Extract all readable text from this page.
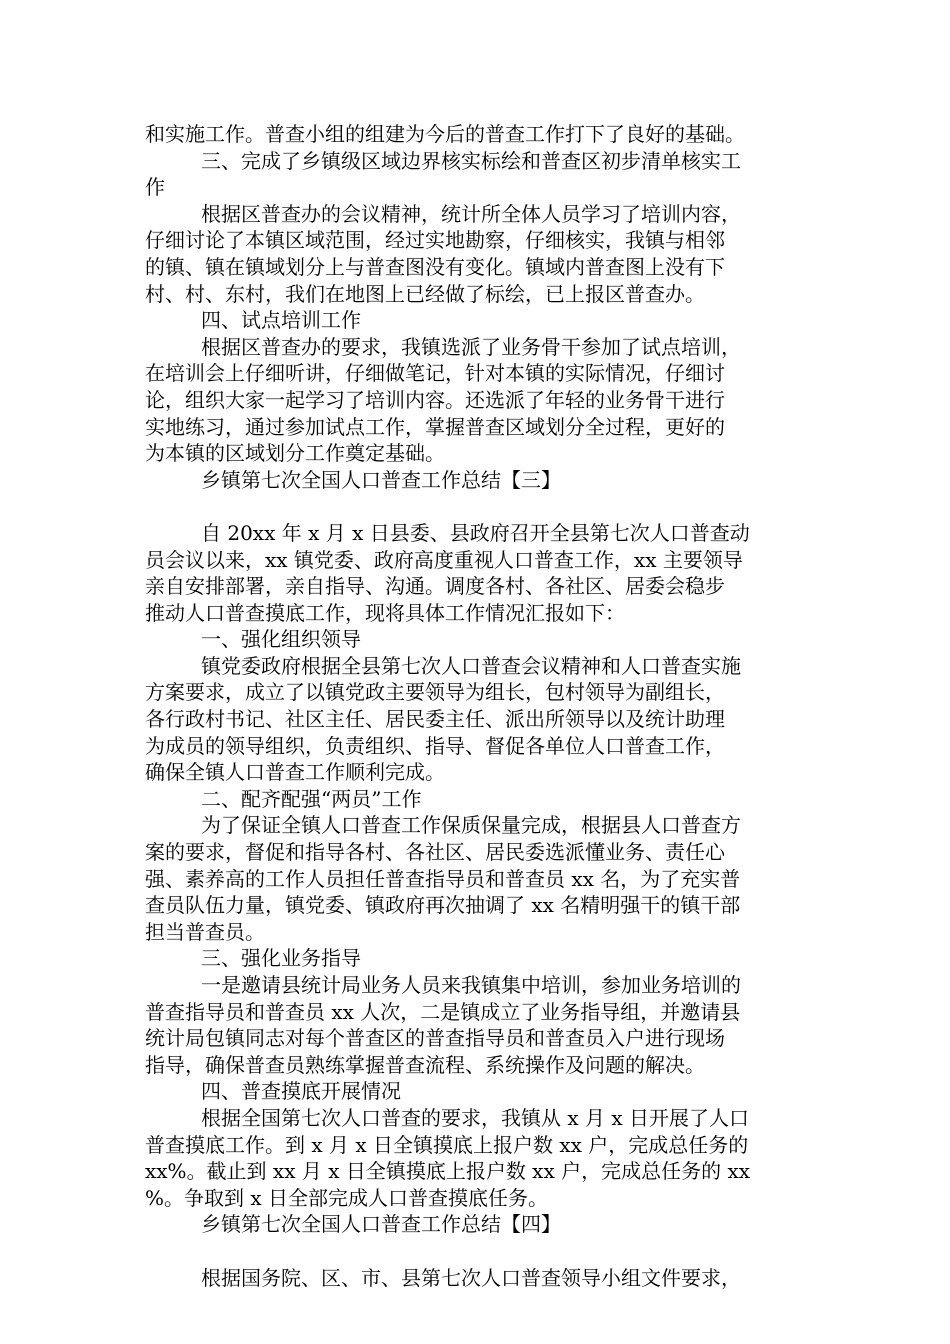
和实施工作。普查小组的组建为今后的普查工作打下了良好的基础。
三、完成了乡镇级区域边界核实标绘和普查区初步清单核实工
作
根据区普查办的会议精神，统计所全体人员学习了培训内容，
仔细讨论了本镇区域范围，经过实地勘察，仔细核实，我镇与相邻
的镇、镇在镇域划分上与普查图没有变化。镇域内普查图上没有下
村、村、东村，我们在地图上已经做了标绘，已上报区普查办。
四、试点培训工作
根据区普查办的要求，我镇选派了业务骨干参加了试点培训，
在培训会上仔细听讲，仔细做笔记，针对本镇的实际情况，仔细讨
论，组织大家一起学习了培训内容。还选派了年轻的业务骨干进行
实地练习，通过参加试点工作，掌握普查区域划分全过程，更好的
为本镇的区域划分工作奠定基础。
乡镇第七次全国人口普查工作总结【三】
自 20xx 年 x 月 x 日县委、县政府召开全县第七次人口普查动
员会议以来，xx 镇党委、政府高度重视人口普查工作，xx 主要领导
亲自安排部署，亲自指导、沟通。调度各村、各社区、居委会稳步
推动人口普查摸底工作，现将具体工作情况汇报如下：
一、强化组织领导
镇党委政府根据全县第七次人口普查会议精神和人口普查实施
方案要求，成立了以镇党政主要领导为组长，包村领导为副组长，
各行政村书记、社区主任、居民委主任、派出所领导以及统计助理
为成员的领导组织，负责组织、指导、督促各单位人口普查工作，
确保全镇人口普查工作顺利完成。
二、配齐配强“两员”工作
为了保证全镇人口普查工作保质保量完成，根据县人口普查方
案的要求，督促和指导各村、各社区、居民委选派懂业务、责任心
强、素养高的工作人员担任普查指导员和普查员 xx 名，为了充实普
查员队伍力量，镇党委、镇政府再次抽调了 xx 名精明强干的镇干部
担当普查员。
三、强化业务指导
一是邀请县统计局业务人员来我镇集中培训，参加业务培训的
普查指导员和普查员 xx 人次，二是镇成立了业务指导组，并邀请县
统计局包镇同志对每个普查区的普查指导员和普查员入户进行现场
指导，确保普查员熟练掌握普查流程、系统操作及问题的解决。
四、普查摸底开展情况
根据全国第七次人口普查的要求，我镇从 x 月 x 日开展了人口
普查摸底工作。到 x 月 x 日全镇摸底上报户数 xx 户，完成总任务的
xx%。截止到 xx 月 x 日全镇摸底上报户数 xx 户，完成总任务的 xx
%。争取到 x 日全部完成人口普查摸底任务。
乡镇第七次全国人口普查工作总结【四】
根据国务院、区、市、县第七次人口普查领导小组文件要求，
